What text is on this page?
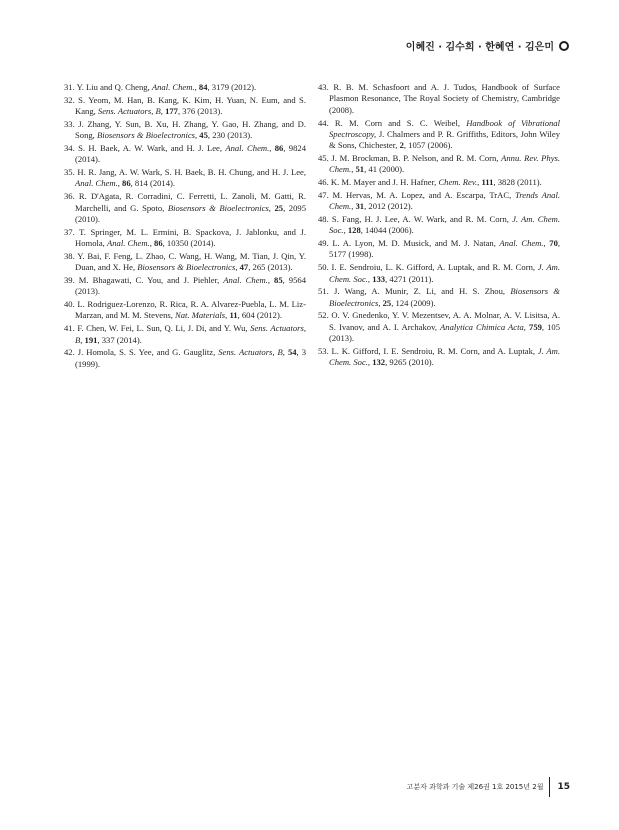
이혜진 · 김수희 · 한혜연 · 김은미

31. Y. Liu and Q. Cheng, Anal. Chem., 84, 3179 (2012).

32. S. Yeom, M. Han, B. Kang, K. Kim, H. Yuan, N. Eum, and S. Kang, Sens. Actuators, B, 177, 376 (2013).

33. J. Zhang, Y. Sun, B. Xu, H. Zhang, Y. Gao, H. Zhang, and D. Song, Biosensors & Bioelectronics, 45, 230 (2013).

34. S. H. Baek, A. W. Wark, and H. J. Lee, Anal. Chem., 86, 9824 (2014).

35. H. R. Jang, A. W. Wark, S. H. Baek, B. H. Chung, and H. J. Lee, Anal. Chem., 86, 814 (2014).

36. R. D'Agata, R. Corradini, C. Ferretti, L. Zanoli, M. Gatti, R. Marchelli, and G. Spoto, Biosensors & Bioelectronics, 25, 2095 (2010).

37. T. Springer, M. L. Ermini, B. Spackova, J. Jablonku, and J. Homola, Anal. Chem., 86, 10350 (2014).

38. Y. Bai, F. Feng, L. Zhao, C. Wang, H. Wang, M. Tian, J. Qin, Y. Duan, and X. He, Biosensors & Bioelectronics, 47, 265 (2013).

39. M. Bhagawati, C. You, and J. Piehler, Anal. Chem., 85, 9564 (2013).

40. L. Rodriguez-Lorenzo, R. Rica, R. A. Alvarez-Puebla, L. M. Liz-Marzan, and M. M. Stevens, Nat. Materials, 11, 604 (2012).

41. F. Chen, W. Fei, L. Sun, Q. Li, J. Di, and Y. Wu, Sens. Actuators, B, 191, 337 (2014).

42. J. Homola, S. S. Yee, and G. Gauglitz, Sens. Actuators, B, 54, 3 (1999).

43. R. B. M. Schasfoort and A. J. Tudos, Handbook of Surface Plasmon Resonance, The Royal Society of Chemistry, Cambridge (2008).

44. R. M. Corn and S. C. Weibel, Handbook of Vibrational Spectroscopy, J. Chalmers and P. R. Griffiths, Editors, John Wiley & Sons, Chichester, 2, 1057 (2006).

45. J. M. Brockman, B. P. Nelson, and R. M. Corn, Annu. Rev. Phys. Chem., 51, 41 (2000).

46. K. M. Mayer and J. H. Hafner, Chem. Rev., 111, 3828 (2011).

47. M. Hervas, M. A. Lopez, and A. Escarpa, TrAC, Trends Anal. Chem., 31, 2012 (2012).

48. S. Fang, H. J. Lee, A. W. Wark, and R. M. Corn, J. Am. Chem. Soc., 128, 14044 (2006).

49. L. A. Lyon, M. D. Musick, and M. J. Natan, Anal. Chem., 70, 5177 (1998).

50. I. E. Sendroiu, L. K. Gifford, A. Luptak, and R. M. Corn, J. Am. Chem. Soc., 133, 4271 (2011).

51. J. Wang, A. Munir, Z. Li, and H. S. Zhou, Biosensors & Bioelectronics, 25, 124 (2009).

52. O. V. Gnedenko, Y. V. Mezentsev, A. A. Molnar, A. V. Lisitsa, A. S. Ivanov, and A. I. Archakov, Analytica Chimica Acta, 759, 105 (2013).

53. L. K. Gifford, I. E. Sendroiu, R. M. Corn, and A. Luptak, J. Am. Chem. Soc., 132, 9265 (2010).

고분자 과학과 기술 제26권 1호 2015년 2월 15
